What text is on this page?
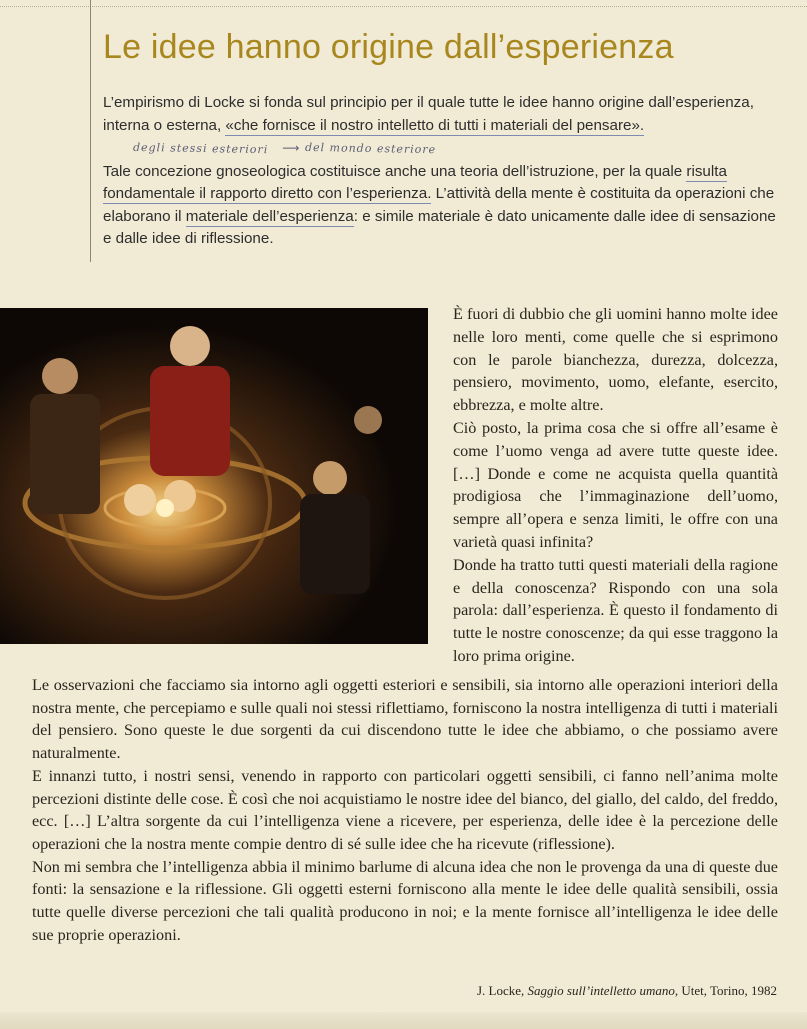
Le idee hanno origine dall’esperienza

L’empirismo di Locke si fonda sul principio per il quale tutte le idee hanno origine dall’esperienza, interna o esterna, «che fornisce il nostro intelletto di tutti i materiali del pensare». degli stessi esteriori ⟶ del mondo esteriore

Tale concezione gnoseologica costituisce anche una teoria dell’istruzione, per la quale risulta fondamentale il rapporto diretto con l’esperienza. L’attività della mente è costituita da operazioni che elaborano il materiale dell’esperienza: e simile materiale è dato unicamente dalle idee di sensazione e dalle idee di riflessione.

È fuori di dubbio che gli uomini hanno molte idee nelle loro menti, come quelle che si esprimono con le parole bianchezza, durezza, dolcezza, pensiero, movimento, uomo, elefante, esercito, ebbrezza, e molte altre.

Ciò posto, la prima cosa che si offre all’esame è come l’uomo venga ad avere tutte queste idee. […] Donde e come ne acquista quella quantità prodigiosa che l’immaginazione dell’uomo, sempre all’opera e senza limiti, le offre con una varietà quasi infinita?

Donde ha tratto tutti questi materiali della ragione e della conoscenza? Rispondo con una sola parola: dall’esperienza. È questo il fondamento di tutte le nostre conoscenze; da qui esse traggono la loro prima origine.

Le osservazioni che facciamo sia intorno agli oggetti esteriori e sensibili, sia intorno alle operazioni interiori della nostra mente, che percepiamo e sulle quali noi stessi riflettiamo, forniscono la nostra intelligenza di tutti i materiali del pensiero. Sono queste le due sorgenti da cui discendono tutte le idee che abbiamo, o che possiamo avere naturalmente.

E innanzi tutto, i nostri sensi, venendo in rapporto con particolari oggetti sensibili, ci fanno nell’anima molte percezioni distinte delle cose. È così che noi acquistiamo le nostre idee del bianco, del giallo, del caldo, del freddo, ecc. […] L’altra sorgente da cui l’intelligenza viene a ricevere, per esperienza, delle idee è la percezione delle operazioni che la nostra mente compie dentro di sé sulle idee che ha ricevute (riflessione).

Non mi sembra che l’intelligenza abbia il minimo barlume di alcuna idea che non le provenga da una di queste due fonti: la sensazione e la riflessione. Gli oggetti esterni forniscono alla mente le idee delle qualità sensibili, ossia tutte quelle diverse percezioni che tali qualità producono in noi; e la mente fornisce all’intelligenza le idee delle sue proprie operazioni.

J. Locke, Saggio sull’intelletto umano, Utet, Torino, 1982
